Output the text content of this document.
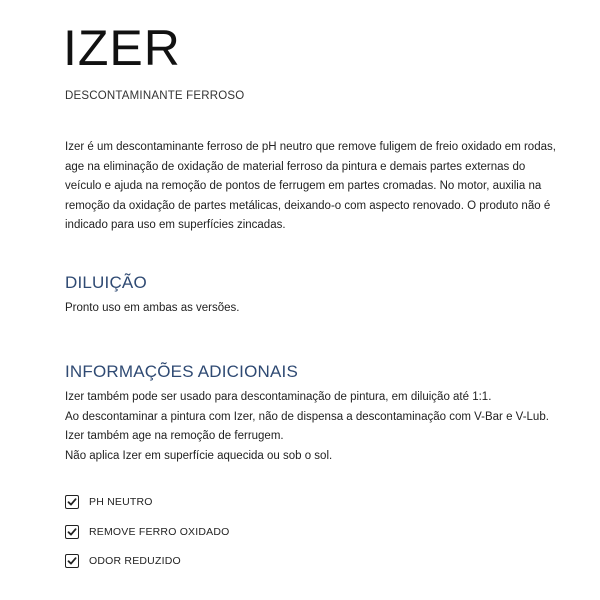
IZER
DESCONTAMINANTE FERROSO
Izer é um descontaminante ferroso de pH neutro que remove fuligem de freio oxidado em rodas, age na eliminação de oxidação de material ferroso da pintura e demais partes externas do veículo e ajuda na remoção de pontos de ferrugem em partes cromadas. No motor, auxilia na remoção da oxidação de partes metálicas, deixando-o com aspecto renovado. O produto não é indicado para uso em superfícies zincadas.
DILUIÇÃO
Pronto uso em ambas as versões.
INFORMAÇÕES ADICIONAIS
Izer também pode ser usado para descontaminação de pintura, em diluição até 1:1.
Ao descontaminar a pintura com Izer, não de dispensa a descontaminação com V-Bar e V-Lub.
Izer também age na remoção de ferrugem.
Não aplica Izer em superfície aquecida ou sob o sol.
PH NEUTRO
REMOVE FERRO OXIDADO
ODOR REDUZIDO
